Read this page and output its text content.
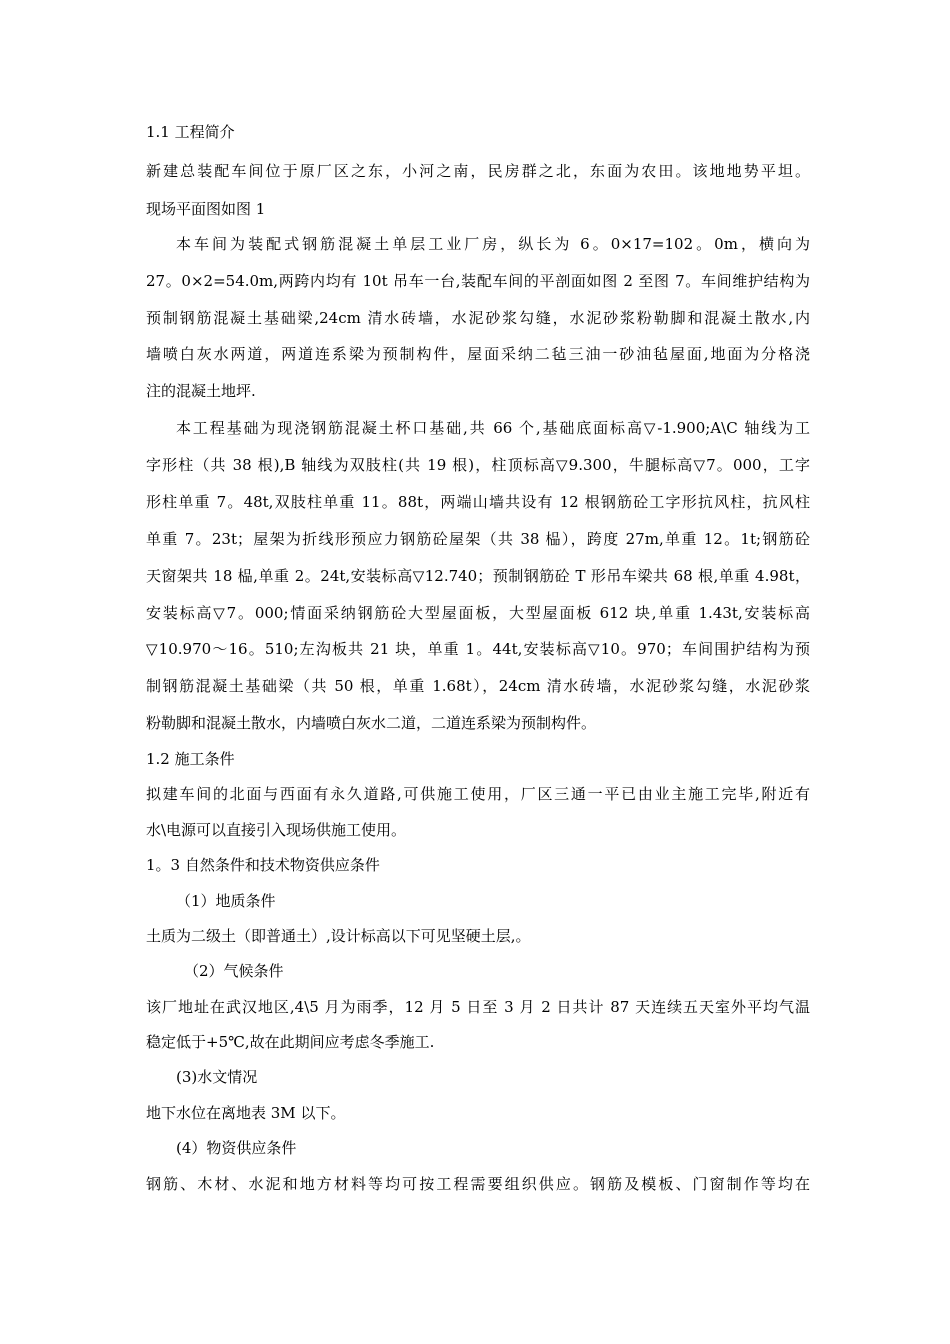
1.1 工程简介
新建总装配车间位于原厂区之东，小河之南，民房群之北，东面为农田。该地地势平坦。
现场平面图如图 1
本车间为装配式钢筋混凝土单层工业厂房，纵长为 6。0×17=102。0m，横向为
27。0×2=54.0m,两跨内均有 10t 吊车一台,装配车间的平剖面如图 2 至图 7。车间维护结构为
预制钢筋混凝土基础梁,24cm 清水砖墙，水泥砂浆勾缝，水泥砂浆粉勒脚和混凝土散水,内
墙喷白灰水两道，两道连系梁为预制构件，屋面采纳二毡三油一砂油毡屋面,地面为分格浇
注的混凝土地坪.
本工程基础为现浇钢筋混凝土杯口基础,共 66 个,基础底面标高▽-1.900;A\C 轴线为工
字形柱（共 38 根),B 轴线为双肢柱(共 19 根)，柱顶标高▽9.300，牛腿标高▽7。000，工字
形柱单重 7。48t,双肢柱单重 11。88t，两端山墙共设有 12 根钢筋砼工字形抗风柱，抗风柱
单重 7。23t；屋架为折线形预应力钢筋砼屋架（共 38 榀），跨度 27m,单重 12。1t;钢筋砼
天窗架共 18 榀,单重 2。24t,安装标高▽12.740；预制钢筋砼 T 形吊车梁共 68 根,单重 4.98t，
安装标高▽7。000;情面采纳钢筋砼大型屋面板，大型屋面板 612 块,单重 1.43t,安装标高
▽10.970～16。510;左沟板共 21 块，单重 1。44t,安装标高▽10。970；车间围护结构为预
制钢筋混凝土基础梁（共 50 根，单重 1.68t），24cm 清水砖墙，水泥砂浆勾缝，水泥砂浆
粉勒脚和混凝土散水，内墙喷白灰水二道，二道连系梁为预制构件。
1.2 施工条件
拟建车间的北面与西面有永久道路,可供施工使用，厂区三通一平已由业主施工完毕,附近有
水\电源可以直接引入现场供施工使用。
1。3 自然条件和技术物资供应条件
（1）地质条件
土质为二级土（即普通土）,设计标高以下可见坚硬土层,。
（2）气候条件
该厂地址在武汉地区,4\5 月为雨季，12 月 5 日至 3 月 2 日共计 87 天连续五天室外平均气温
稳定低于+5℃,故在此期间应考虑冬季施工.
(3)水文情况
地下水位在离地表 3M 以下。
(4）物资供应条件
钢筋、木材、水泥和地方材料等均可按工程需要组织供应。钢筋及模板、门窗制作等均在
